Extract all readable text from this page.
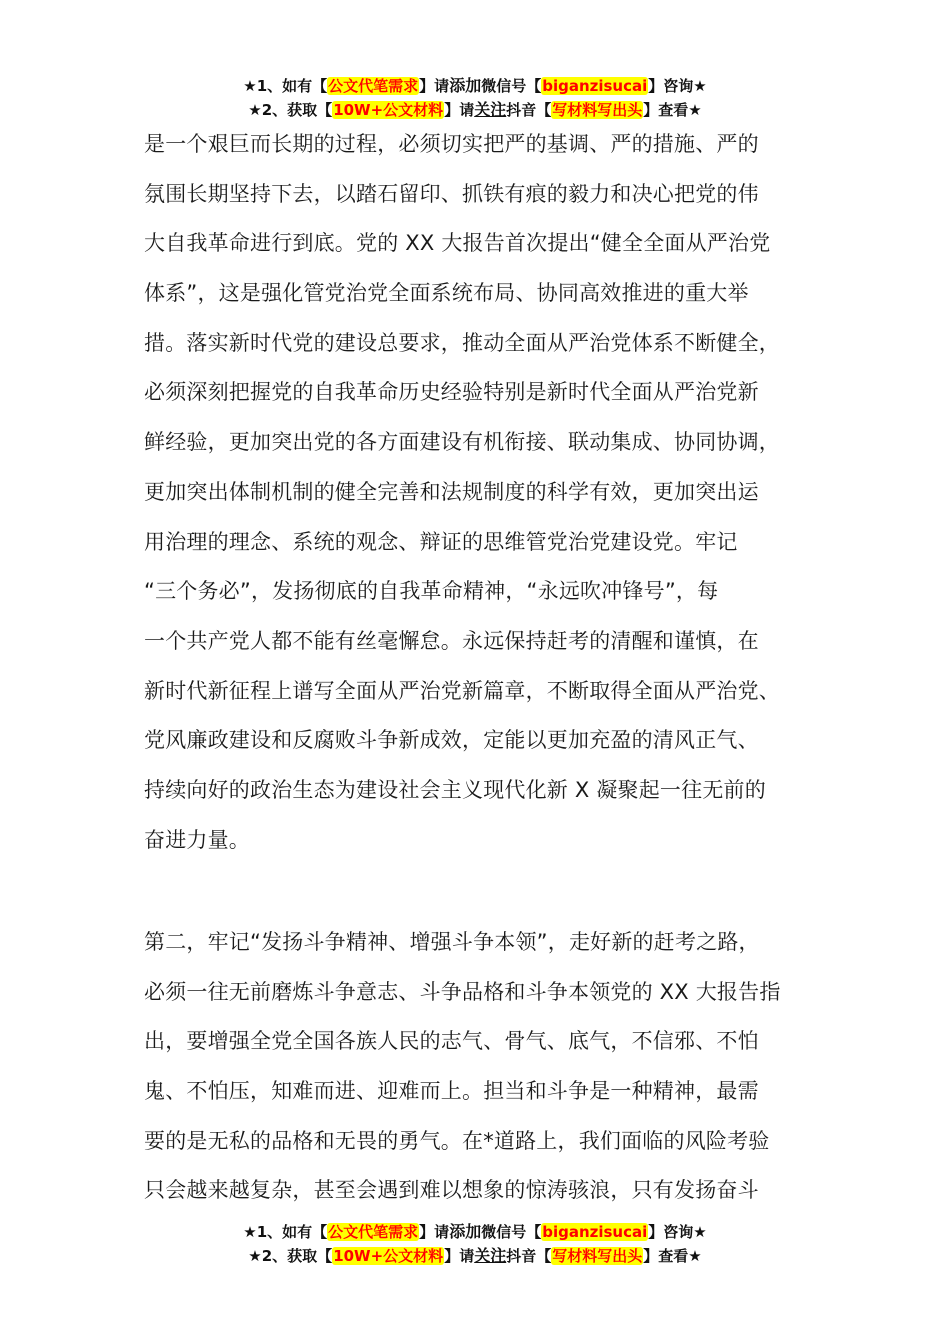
★1、如有【公文代笔需求】请添加微信号【biganzisucai】咨询★
★2、获取【10W+公文材料】请关注抖音【写材料写出头】查看★
是一个艰巨而长期的过程，必须切实把严的基调、严的措施、严的
氛围长期坚持下去，以踏石留印、抓铁有痕的毅力和决心把党的伟
大自我革命进行到底。党的 XX 大报告首次提出“健全全面从严治党
体系”，这是强化管党治党全面系统布局、协同高效推进的重大举
措。落实新时代党的建设总要求，推动全面从严治党体系不断健全，
必须深刻把握党的自我革命历史经验特别是新时代全面从严治党新
鲜经验，更加突出党的各方面建设有机衔接、联动集成、协同协调，
更加突出体制机制的健全完善和法规制度的科学有效，更加突出运
用治理的理念、系统的观念、辩证的思维管党治党建设党。牢记
“三个务必”，发扬彻底的自我革命精神，“永远吹冲锋号”，每
一个共产党人都不能有丝毫懈怠。永远保持赶考的清醒和谨慎，在
新时代新征程上谱写全面从严治党新篇章，不断取得全面从严治党、
党风廉政建设和反腐败斗争新成效，定能以更加充盈的清风正气、
持续向好的政治生态为建设社会主义现代化新 X 凝聚起一往无前的
奋进力量。
第二，牢记“发扬斗争精神、增强斗争本领”，走好新的赶考之路，
必须一往无前磨炼斗争意志、斗争品格和斗争本领党的 XX 大报告指
出，要增强全党全国各族人民的志气、骨气、底气，不信邪、不怕
鬼、不怕压，知难而进、迎难而上。担当和斗争是一种精神，最需
要的是无私的品格和无畏的勇气。在*道路上，我们面临的风险考验
只会越来越复杂，甚至会遇到难以想象的惊涛骇浪，只有发扬奋斗
★1、如有【公文代笔需求】请添加微信号【biganzisucai】咨询★
★2、获取【10W+公文材料】请关注抖音【写材料写出头】查看★
